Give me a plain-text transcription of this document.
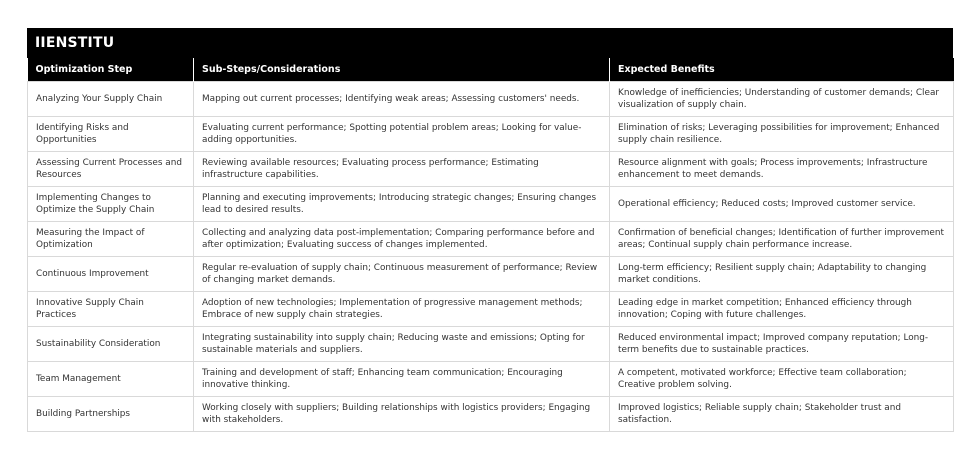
IIENSTITU
Optimization Step	Sub-Steps/Considerations	Expected Benefits
Analyzing Your Supply Chain	Mapping out current processes; Identifying weak areas; Assessing customers' needs.	Knowledge of inefficiencies; Understanding of customer demands; Clear visualization of supply chain.
Identifying Risks and Opportunities	Evaluating current performance; Spotting potential problem areas; Looking for value-adding opportunities.	Elimination of risks; Leveraging possibilities for improvement; Enhanced supply chain resilience.
Assessing Current Processes and Resources	Reviewing available resources; Evaluating process performance; Estimating infrastructure capabilities.	Resource alignment with goals; Process improvements; Infrastructure enhancement to meet demands.
Implementing Changes to Optimize the Supply Chain	Planning and executing improvements; Introducing strategic changes; Ensuring changes lead to desired results.	Operational efficiency; Reduced costs; Improved customer service.
Measuring the Impact of Optimization	Collecting and analyzing data post-implementation; Comparing performance before and after optimization; Evaluating success of changes implemented.	Confirmation of beneficial changes; Identification of further improvement areas; Continual supply chain performance increase.
Continuous Improvement	Regular re-evaluation of supply chain; Continuous measurement of performance; Review of changing market demands.	Long-term efficiency; Resilient supply chain; Adaptability to changing market conditions.
Innovative Supply Chain Practices	Adoption of new technologies; Implementation of progressive management methods; Embrace of new supply chain strategies.	Leading edge in market competition; Enhanced efficiency through innovation; Coping with future challenges.
Sustainability Consideration	Integrating sustainability into supply chain; Reducing waste and emissions; Opting for sustainable materials and suppliers.	Reduced environmental impact; Improved company reputation; Long-term benefits due to sustainable practices.
Team Management	Training and development of staff; Enhancing team communication; Encouraging innovative thinking.	A competent, motivated workforce; Effective team collaboration; Creative problem solving.
Building Partnerships	Working closely with suppliers; Building relationships with logistics providers; Engaging with stakeholders.	Improved logistics; Reliable supply chain; Stakeholder trust and satisfaction.
